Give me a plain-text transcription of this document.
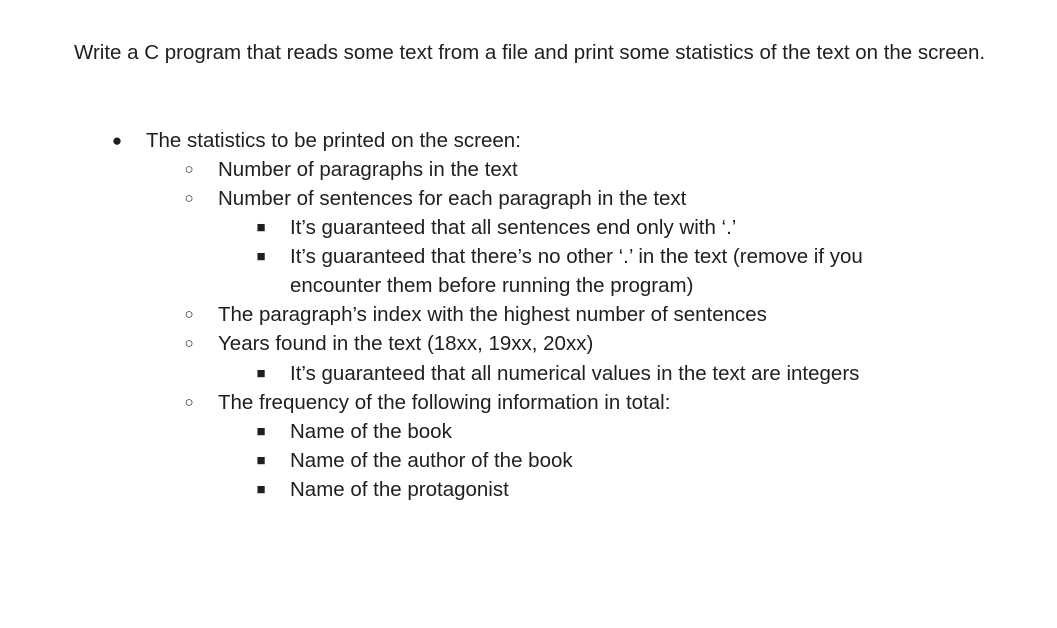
Write a C program that reads some text from a file and print some statistics of the text on the screen.

● The statistics to be printed on the screen:
○ Number of paragraphs in the text
○ Number of sentences for each paragraph in the text
■ It’s guaranteed that all sentences end only with ‘.’
■ It’s guaranteed that there’s no other ‘.’ in the text (remove if you
encounter them before running the program)
○ The paragraph’s index with the highest number of sentences
○ Years found in the text (18xx, 19xx, 20xx)
■ It’s guaranteed that all numerical values in the text are integers
○ The frequency of the following information in total:
■ Name of the book
■ Name of the author of the book
■ Name of the protagonist
